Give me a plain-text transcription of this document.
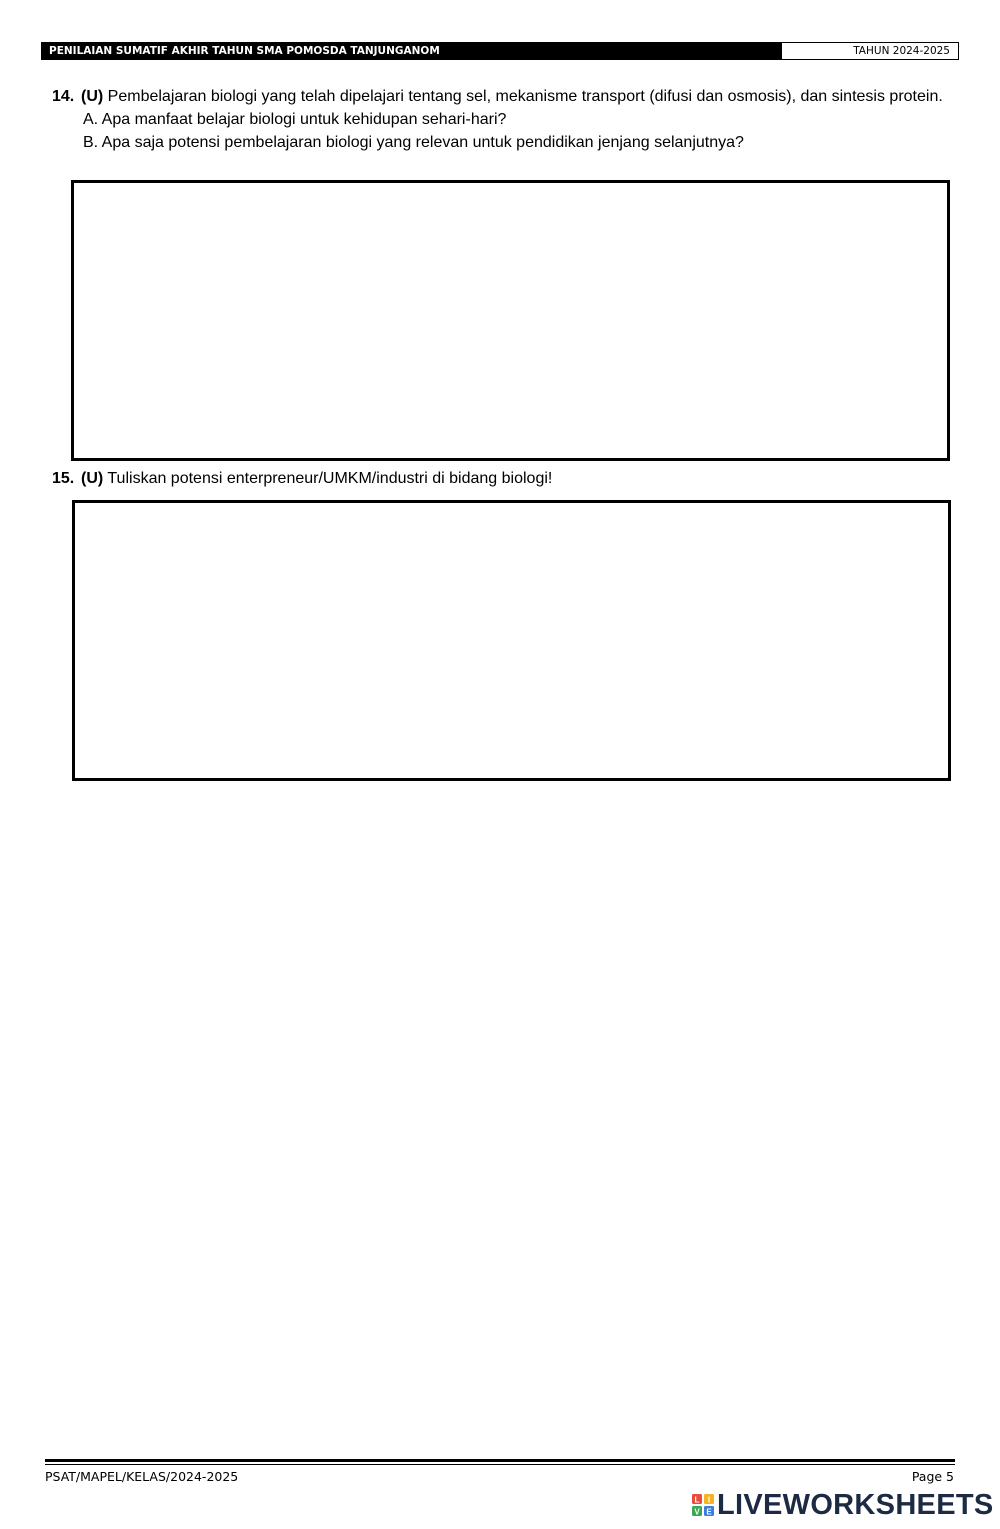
PENILAIAN SUMATIF AKHIR TAHUN SMA POMOSDA TANJUNGANOM	TAHUN 2024-2025
14. (U) Pembelajaran biologi yang telah dipelajari tentang sel, mekanisme transport (difusi dan osmosis), dan sintesis protein.
A. Apa manfaat belajar biologi untuk kehidupan sehari-hari?
B. Apa saja potensi pembelajaran biologi yang relevan untuk pendidikan jenjang selanjutnya?
15. (U) Tuliskan potensi enterpreneur/UMKM/industri di bidang biologi!
PSAT/MAPEL/KELAS/2024-2025	Page 5
L I
V E LIVEWORKSHEETS
